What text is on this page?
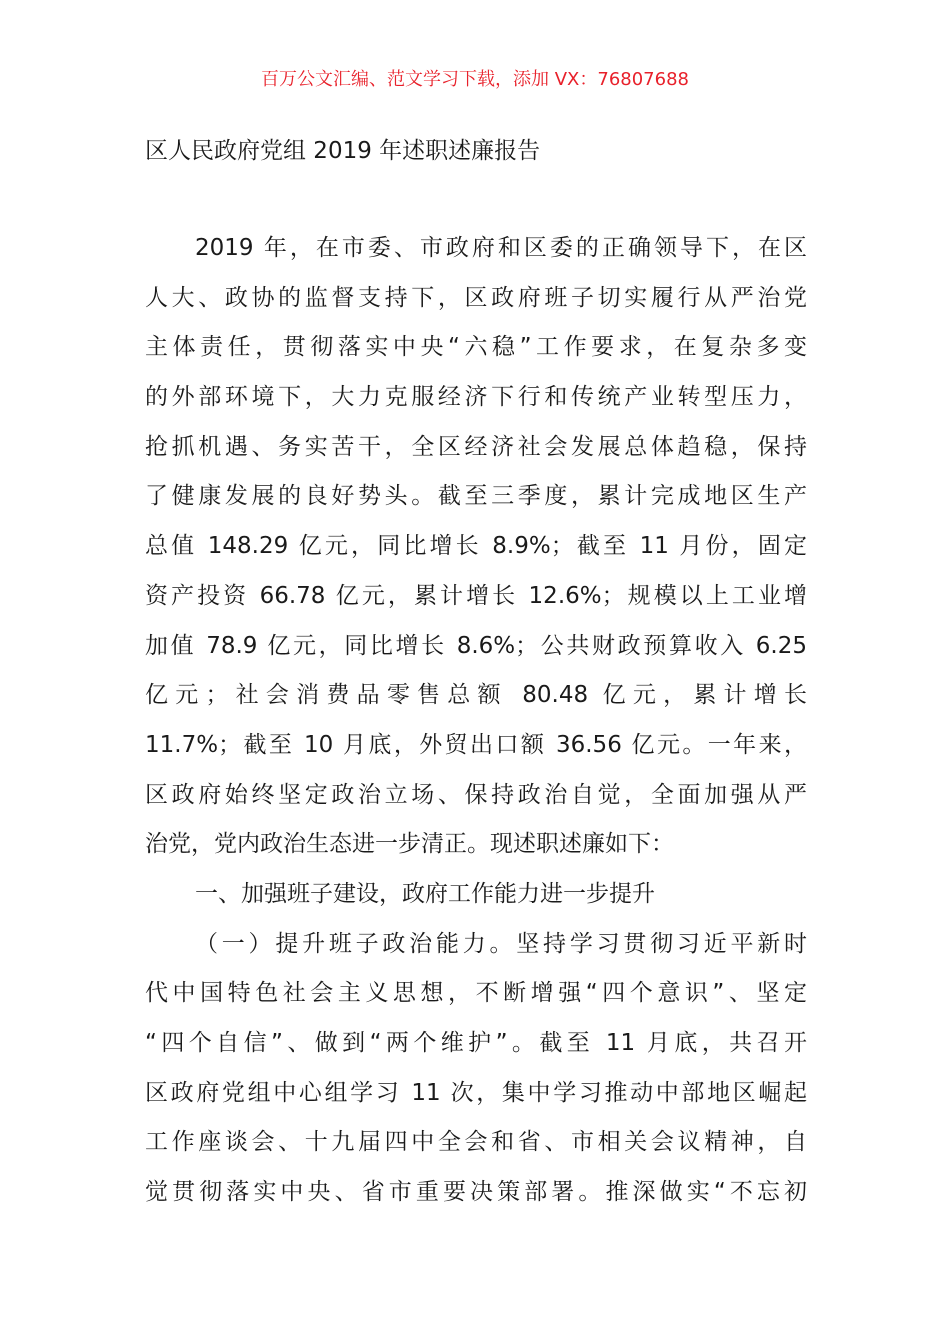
百万公文汇编、范文学习下载，添加 VX：76807688
区人民政府党组 2019 年述职述廉报告
2019 年，在市委、市政府和区委的正确领导下，在区
人大、政协的监督支持下，区政府班子切实履行从严治党
主体责任，贯彻落实中央“六稳”工作要求，在复杂多变
的外部环境下，大力克服经济下行和传统产业转型压力，
抢抓机遇、务实苦干，全区经济社会发展总体趋稳，保持
了健康发展的良好势头。截至三季度，累计完成地区生产
总值 148.29 亿元，同比增长 8.9%；截至 11 月份，固定
资产投资 66.78 亿元，累计增长 12.6%；规模以上工业增
加值 78.9 亿元，同比增长 8.6%；公共财政预算收入 6.25
亿元；社会消费品零售总额 80.48 亿元，累计增长
11.7%；截至 10 月底，外贸出口额 36.56 亿元。一年来，
区政府始终坚定政治立场、保持政治自觉，全面加强从严
治党，党内政治生态进一步清正。现述职述廉如下：
一、加强班子建设，政府工作能力进一步提升
（一）提升班子政治能力。坚持学习贯彻习近平新时
代中国特色社会主义思想，不断增强“四个意识”、坚定
“四个自信”、做到“两个维护”。截至 11 月底，共召开
区政府党组中心组学习 11 次，集中学习推动中部地区崛起
工作座谈会、十九届四中全会和省、市相关会议精神，自
觉贯彻落实中央、省市重要决策部署。推深做实“不忘初
